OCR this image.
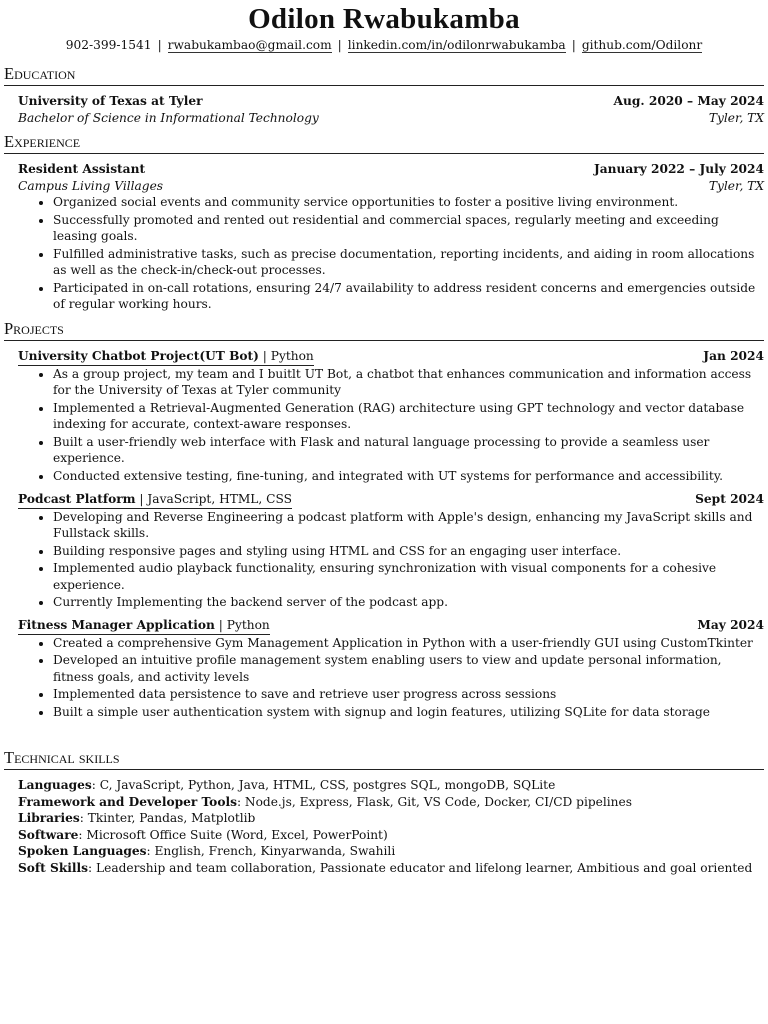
Odilon Rwabukamba
902-399-1541 | rwabukambao@gmail.com | linkedin.com/in/odilonrwabukamba | github.com/Odilonr
Education
University of Texas at Tyler	Aug. 2020 – May 2024
Bachelor of Science in Informational Technology	Tyler, TX
Experience
Resident Assistant	January 2022 – July 2024
Campus Living Villages	Tyler, TX
• Organized social events and community service opportunities to foster a positive living environment.
• Successfully promoted and rented out residential and commercial spaces, regularly meeting and exceeding leasing goals.
• Fulfilled administrative tasks, such as precise documentation, reporting incidents, and aiding in room allocations as well as the check-in/check-out processes.
• Participated in on-call rotations, ensuring 24/7 availability to address resident concerns and emergencies outside of regular working hours.
Projects
University Chatbot Project(UT Bot) | Python	Jan 2024
• As a group project, my team and I buitlt UT Bot, a chatbot that enhances communication and information access for the University of Texas at Tyler community
• Implemented a Retrieval-Augmented Generation (RAG) architecture using GPT technology and vector database indexing for accurate, context-aware responses.
• Built a user-friendly web interface with Flask and natural language processing to provide a seamless user experience.
• Conducted extensive testing, fine-tuning, and integrated with UT systems for performance and accessibility.
Podcast Platform | JavaScript, HTML, CSS	Sept 2024
• Developing and Reverse Engineering a podcast platform with Apple's design, enhancing my JavaScript skills and Fullstack skills.
• Building responsive pages and styling using HTML and CSS for an engaging user interface.
• Implemented audio playback functionality, ensuring synchronization with visual components for a cohesive experience.
• Currently Implementing the backend server of the podcast app.
Fitness Manager Application | Python	May 2024
• Created a comprehensive Gym Management Application in Python with a user-friendly GUI using CustomTkinter
• Developed an intuitive profile management system enabling users to view and update personal information, fitness goals, and activity levels
• Implemented data persistence to save and retrieve user progress across sessions
• Built a simple user authentication system with signup and login features, utilizing SQLite for data storage
Technical skills
Languages: C, JavaScript, Python, Java, HTML, CSS, postgres SQL, mongoDB, SQLite
Framework and Developer Tools: Node.js, Express, Flask, Git, VS Code, Docker, CI/CD pipelines
Libraries: Tkinter, Pandas, Matplotlib
Software: Microsoft Office Suite (Word, Excel, PowerPoint)
Spoken Languages: English, French, Kinyarwanda, Swahili
Soft Skills: Leadership and team collaboration, Passionate educator and lifelong learner, Ambitious and goal oriented
